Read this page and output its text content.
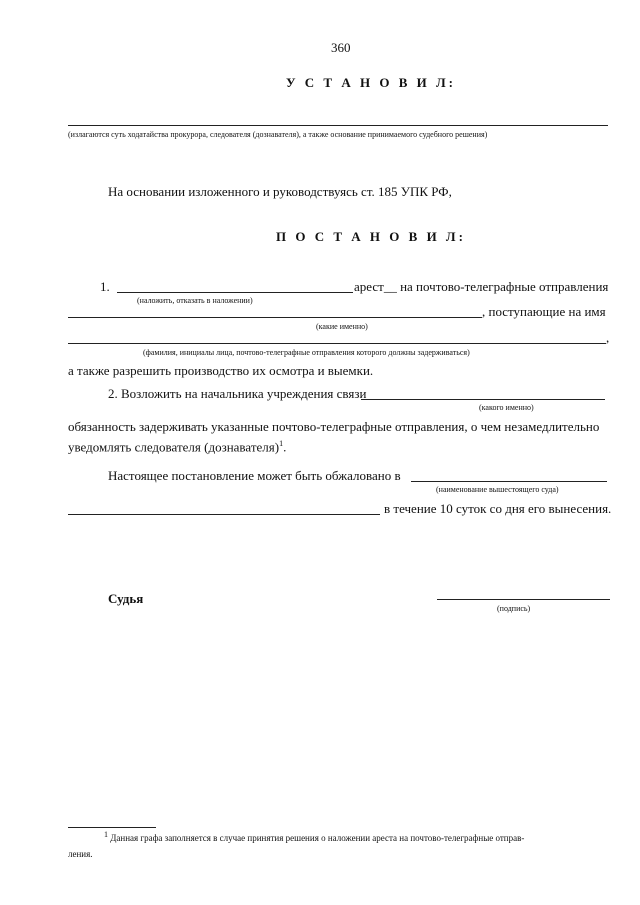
360
У С Т А Н О В И Л:
(излагаются суть ходатайства прокурора, следователя (дознавателя), а также основание принимаемого судебного решения)
На основании изложенного и руководствуясь ст. 185 УПК РФ,
П О С Т А Н О В И Л:
1.	арест__ на почтово-телеграфные отправления
(наложить, отказать в наложении)
, поступающие на имя
(какие именно)
,
(фамилия, инициалы лица, почтово-телеграфные отправления которого должны задерживаться)
а также разрешить производство их осмотра и выемки.
2. Возложить на начальника учреждения связи
(какого именно)
обязанность задерживать указанные почтово-телеграфные отправления, о чем незамедлительно
уведомлять следователя (дознавателя)$^1$.
Настоящее постановление может быть обжаловано в
(наименование вышестоящего суда)
в течение 10 суток со дня его вынесения.
Судья
(подпись)
$^1$ Данная графа заполняется в случае принятия решения о наложении ареста на почтово-телеграфные отправ-
ления.
